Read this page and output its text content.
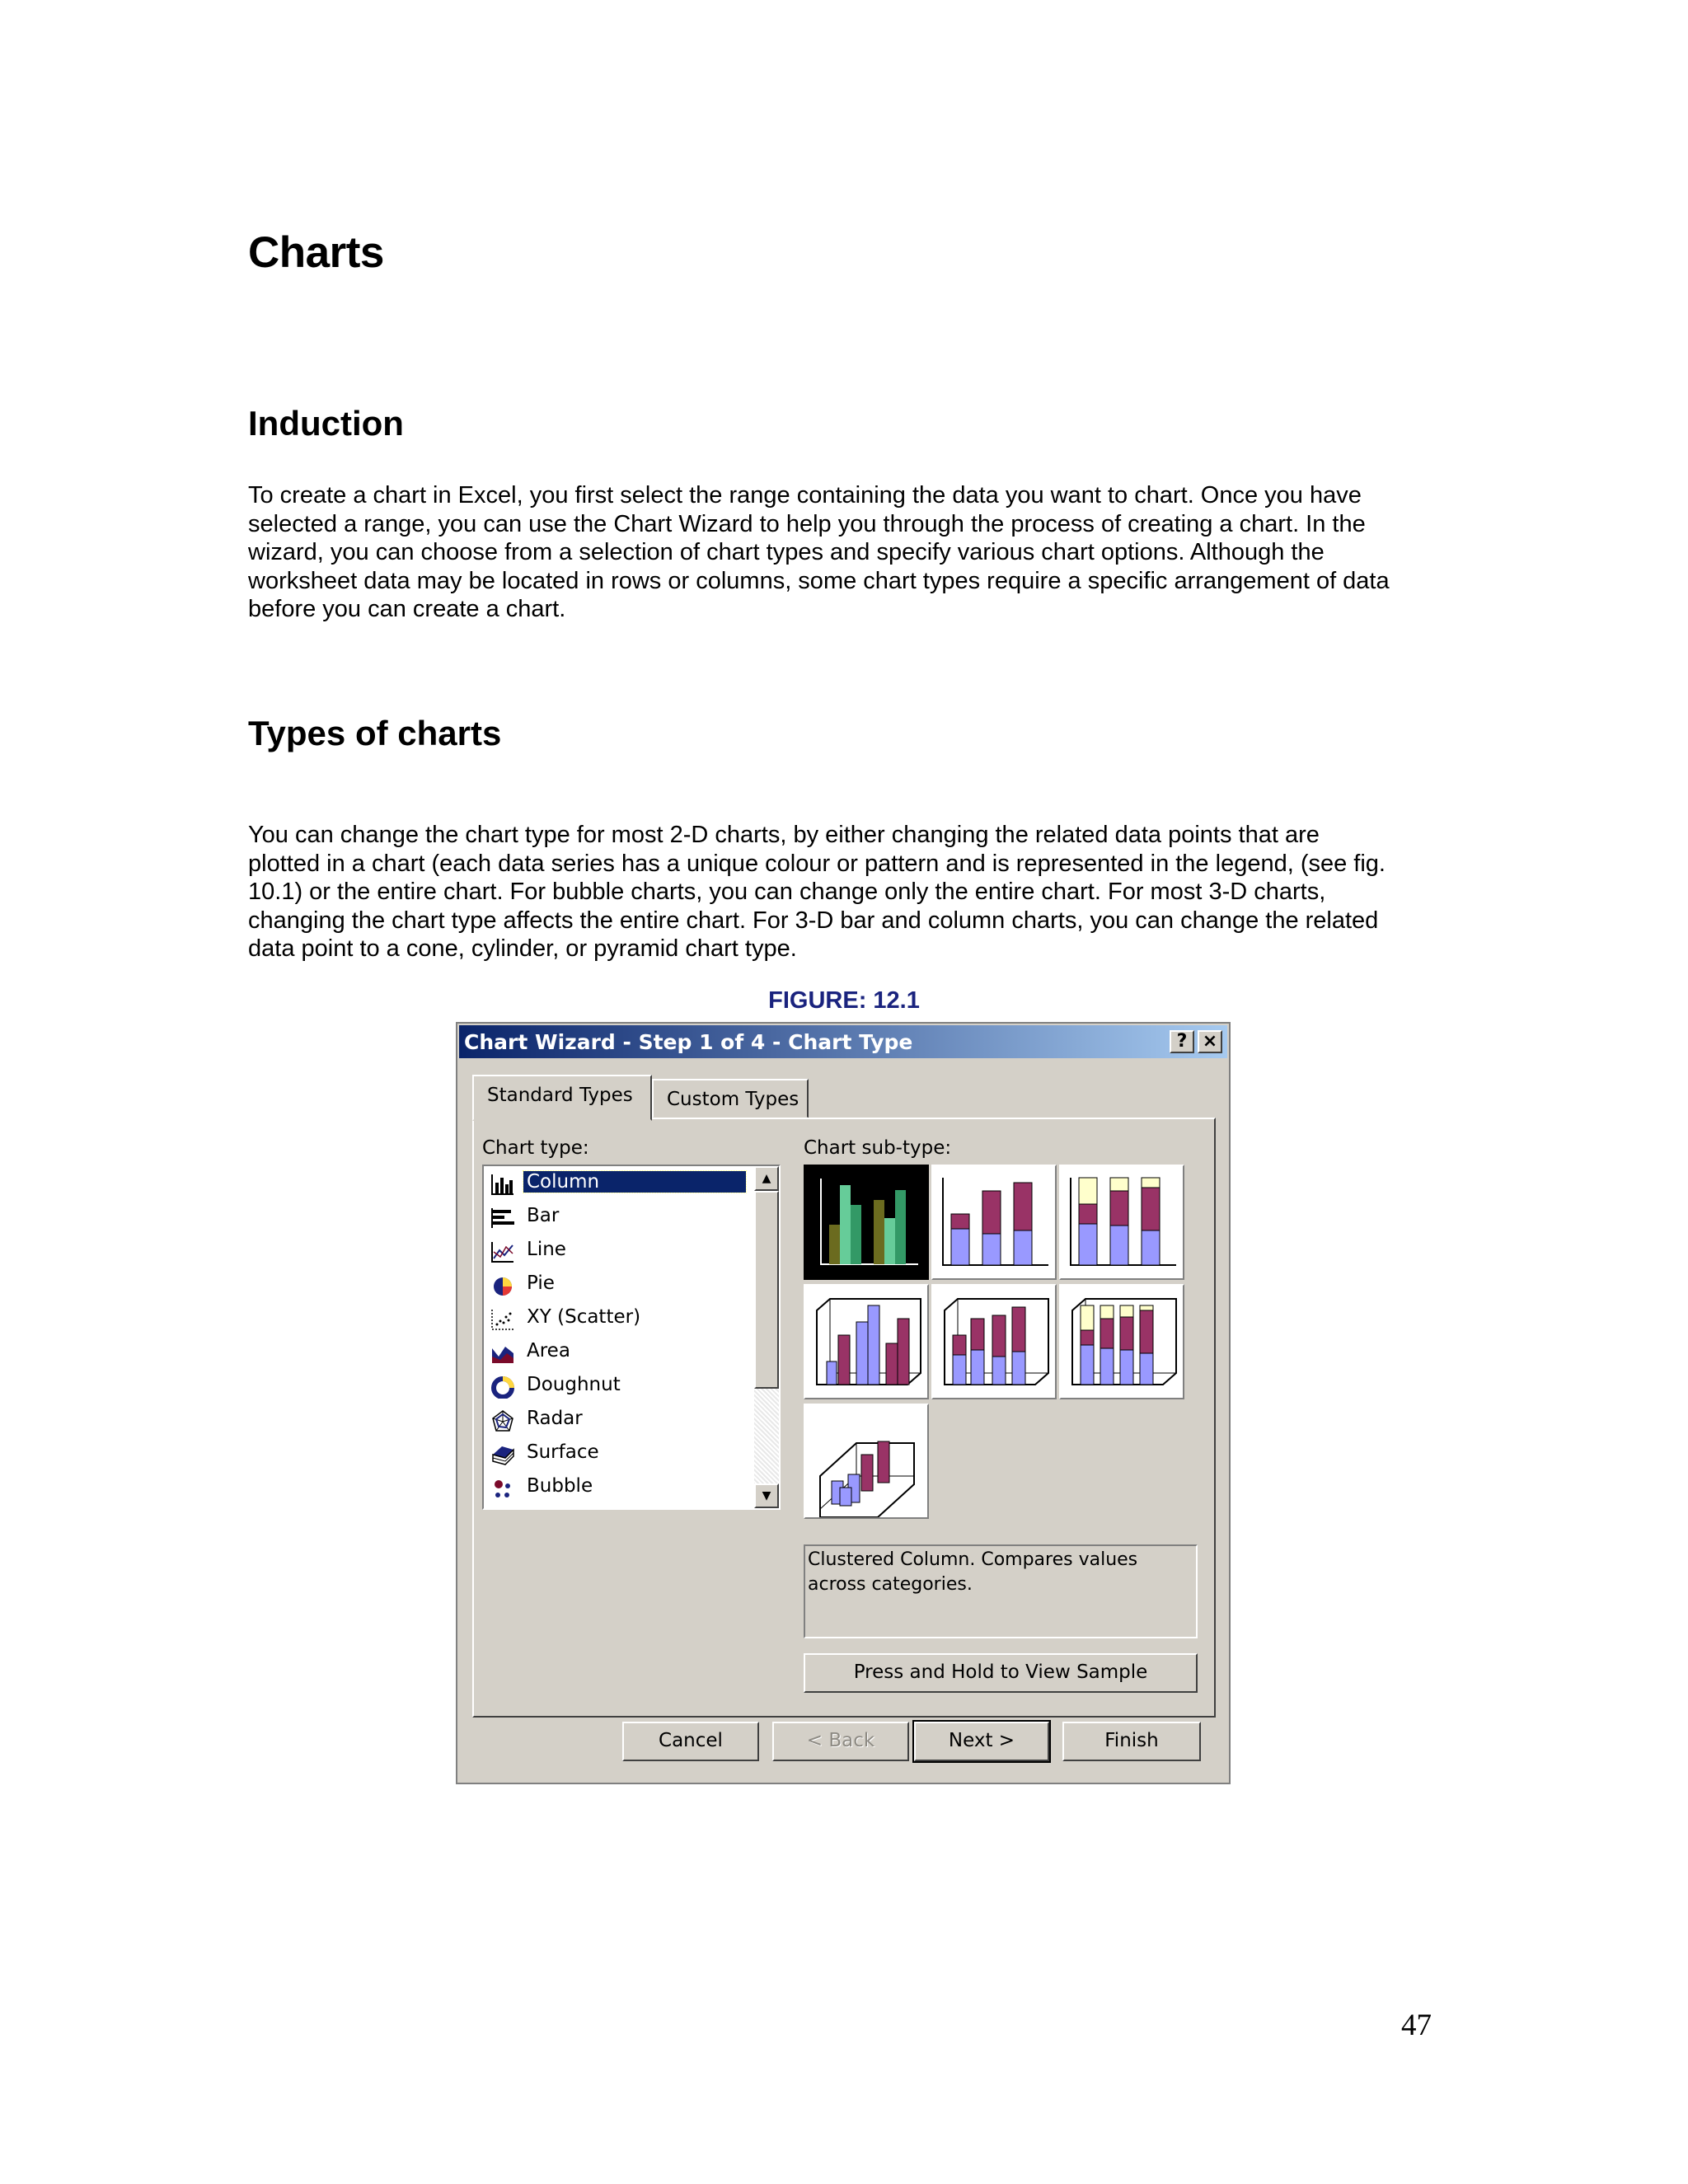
Charts
Induction
To create a chart in Excel, you first select the range containing the data you want to chart. Once you have
selected a range, you can use the Chart Wizard to help you through the process of creating a chart. In the
wizard, you can choose from a selection of chart types and specify various chart options. Although the
worksheet data may be located in rows or columns, some chart types require a specific arrangement of data
before you can create a chart.
Types of charts
You can change the chart type for most 2-D charts, by either changing the related data points that are
plotted in a chart (each data series has a unique colour or pattern and is represented in the legend, (see fig.
10.1) or the entire chart. For bubble charts, you can change only the entire chart. For most 3-D charts,
changing the chart type affects the entire chart. For 3-D bar and column charts, you can change the related
data point to a cone, cylinder, or pyramid chart type.
FIGURE: 12.1
Chart Wizard - Step 1 of 4 - Chart Type	? ×
Standard Types	Custom Types
Chart type:	Chart sub-type:
Column
Bar
Line
Pie
XY (Scatter)
Area
Doughnut
Radar
Surface
Bubble
▲
▼
Clustered Column. Compares values across categories.
Press and Hold to View Sample
Cancel	< Back	Next >	Finish
47
